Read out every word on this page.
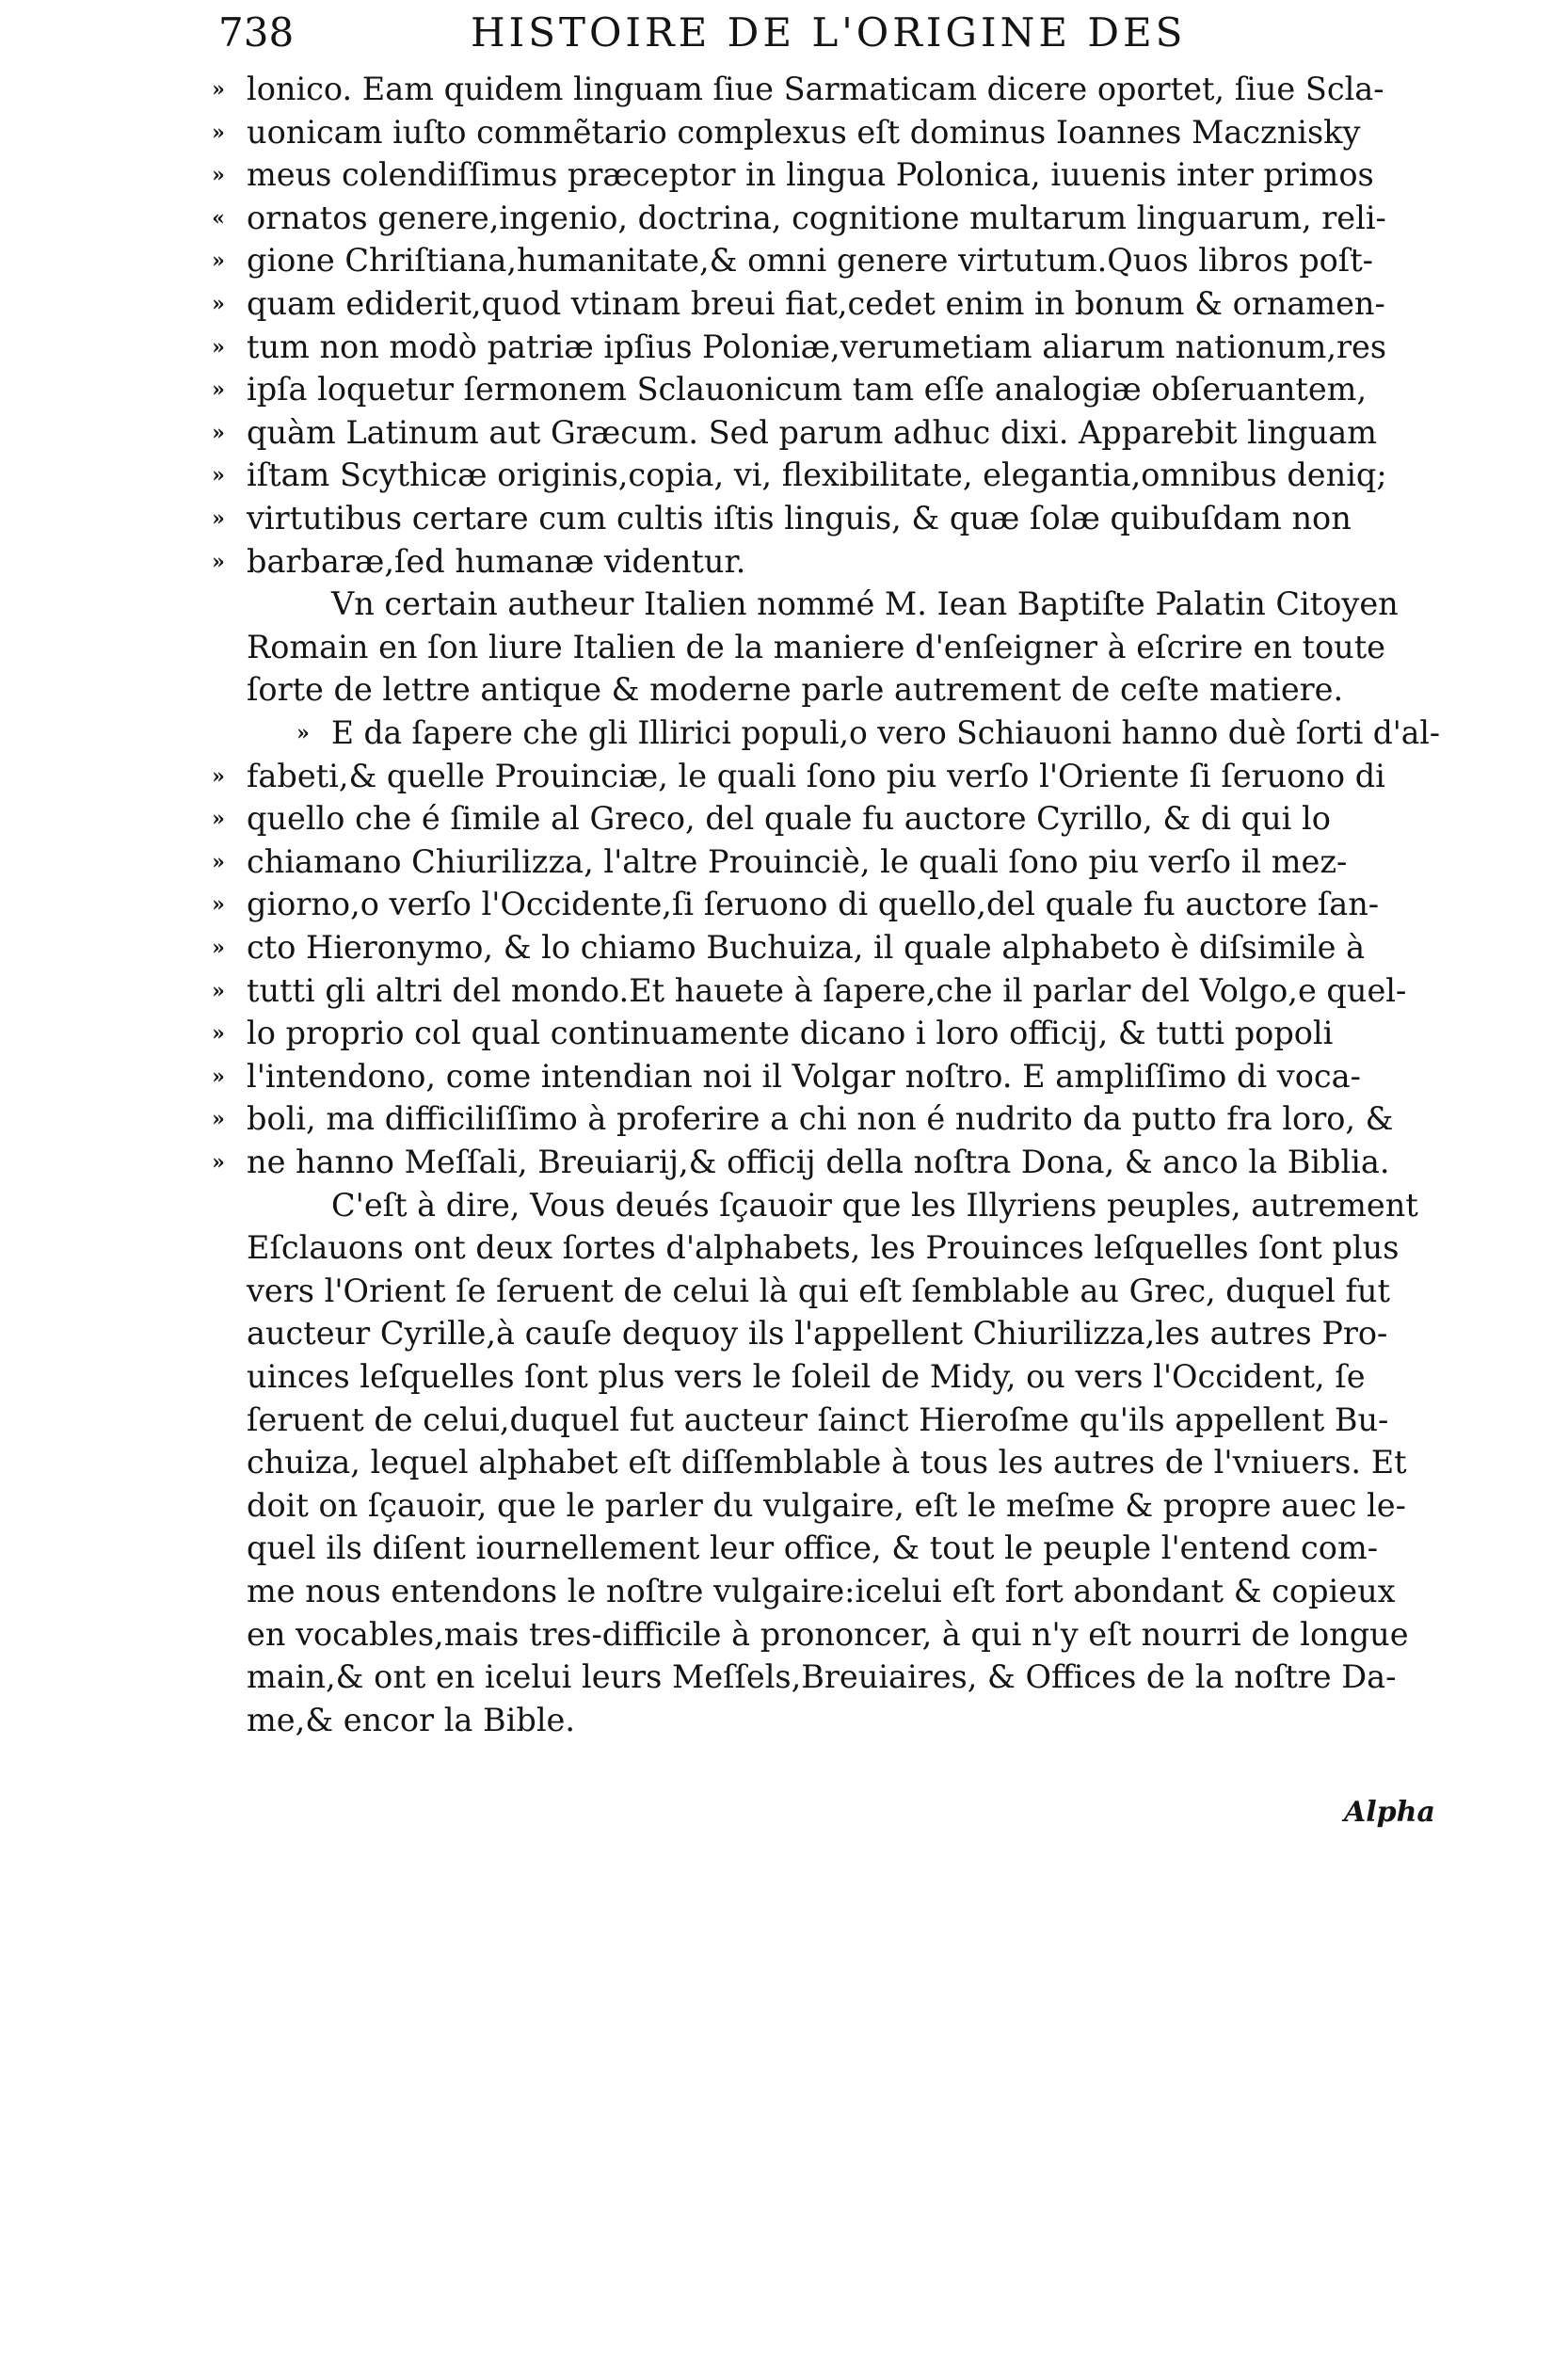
738	HISTOIRE DE L'ORIGINE DES
» lonico. Eam quidem linguam ſiue Sarmaticam dicere oportet, ſiue Scla-
» uonicam iuſto commẽtario complexus eſt dominus Ioannes Macznisky
» meus colendiſſimus præceptor in lingua Polonica, iuuenis inter primos
« ornatos genere,ingenio, doctrina, cognitione multarum linguarum, reli-
» gione Chriſtiana,humanitate,& omni genere virtutum.Quos libros poſt-
» quam ediderit,quod vtinam breui fiat,cedet enim in bonum & ornamen-
» tum non modò patriæ ipſius Poloniæ,verumetiam aliarum nationum,res
» ipſa loquetur ſermonem Sclauonicum tam eſſe analogiæ obſeruantem,
» quàm Latinum aut Græcum. Sed parum adhuc dixi. Apparebit linguam
» iſtam Scythicæ originis,copia, vi, flexibilitate, elegantia,omnibus deniq;
» virtutibus certare cum cultis iſtis linguis, & quæ ſolæ quibuſdam non
» barbaræ,ſed humanæ videntur.
Vn certain autheur Italien nommé M. Iean Baptiſte Palatin Citoyen
Romain en ſon liure Italien de la maniere d'enſeigner à eſcrire en toute
ſorte de lettre antique & moderne parle autrement de ceſte matiere.
» E da ſapere che gli Illirici populi,o vero Schiauoni hanno duè ſorti d'al-
» fabeti,& quelle Prouinciæ, le quali ſono piu verſo l'Oriente ſi ſeruono di
» quello che é ſimile al Greco, del quale fu auctore Cyrillo, & di qui lo
» chiamano Chiurilizza, l'altre Prouinciè, le quali ſono piu verſo il mez-
» giorno,o verſo l'Occidente,ſi ſeruono di quello,del quale fu auctore ſan-
» cto Hieronymo, & lo chiamo Buchuiza, il quale alphabeto è diſsimile à
» tutti gli altri del mondo.Et hauete à ſapere,che il parlar del Volgo,e quel-
» lo proprio col qual continuamente dicano i loro officij, & tutti popoli
» l'intendono, come intendian noi il Volgar noſtro. E ampliſſimo di voca-
» boli, ma difficiliſſimo à proferire a chi non é nudrito da putto fra loro, &
» ne hanno Meſſali, Breuiarij,& officij della noſtra Dona, & anco la Biblia.
C'eſt à dire, Vous deués ſçauoir que les Illyriens peuples, autrement
Eſclauons ont deux ſortes d'alphabets, les Prouinces leſquelles ſont plus
vers l'Orient ſe ſeruent de celui là qui eſt ſemblable au Grec, duquel fut
aucteur Cyrille,à cauſe dequoy ils l'appellent Chiurilizza,les autres Pro-
uinces leſquelles ſont plus vers le ſoleil de Midy, ou vers l'Occident, ſe
ſeruent de celui,duquel fut aucteur ſainct Hieroſme qu'ils appellent Bu-
chuiza, lequel alphabet eſt diſſemblable à tous les autres de l'vniuers. Et
doit on ſçauoir, que le parler du vulgaire, eſt le meſme & propre auec le-
quel ils diſent iournellement leur office, & tout le peuple l'entend com-
me nous entendons le noſtre vulgaire:icelui eſt fort abondant & copieux
en vocables,mais tres-difficile à prononcer, à qui n'y eſt nourri de longue
main,& ont en icelui leurs Meſſels,Breuiaires, & Offices de la noſtre Da-
me,& encor la Bible.
Alpha
